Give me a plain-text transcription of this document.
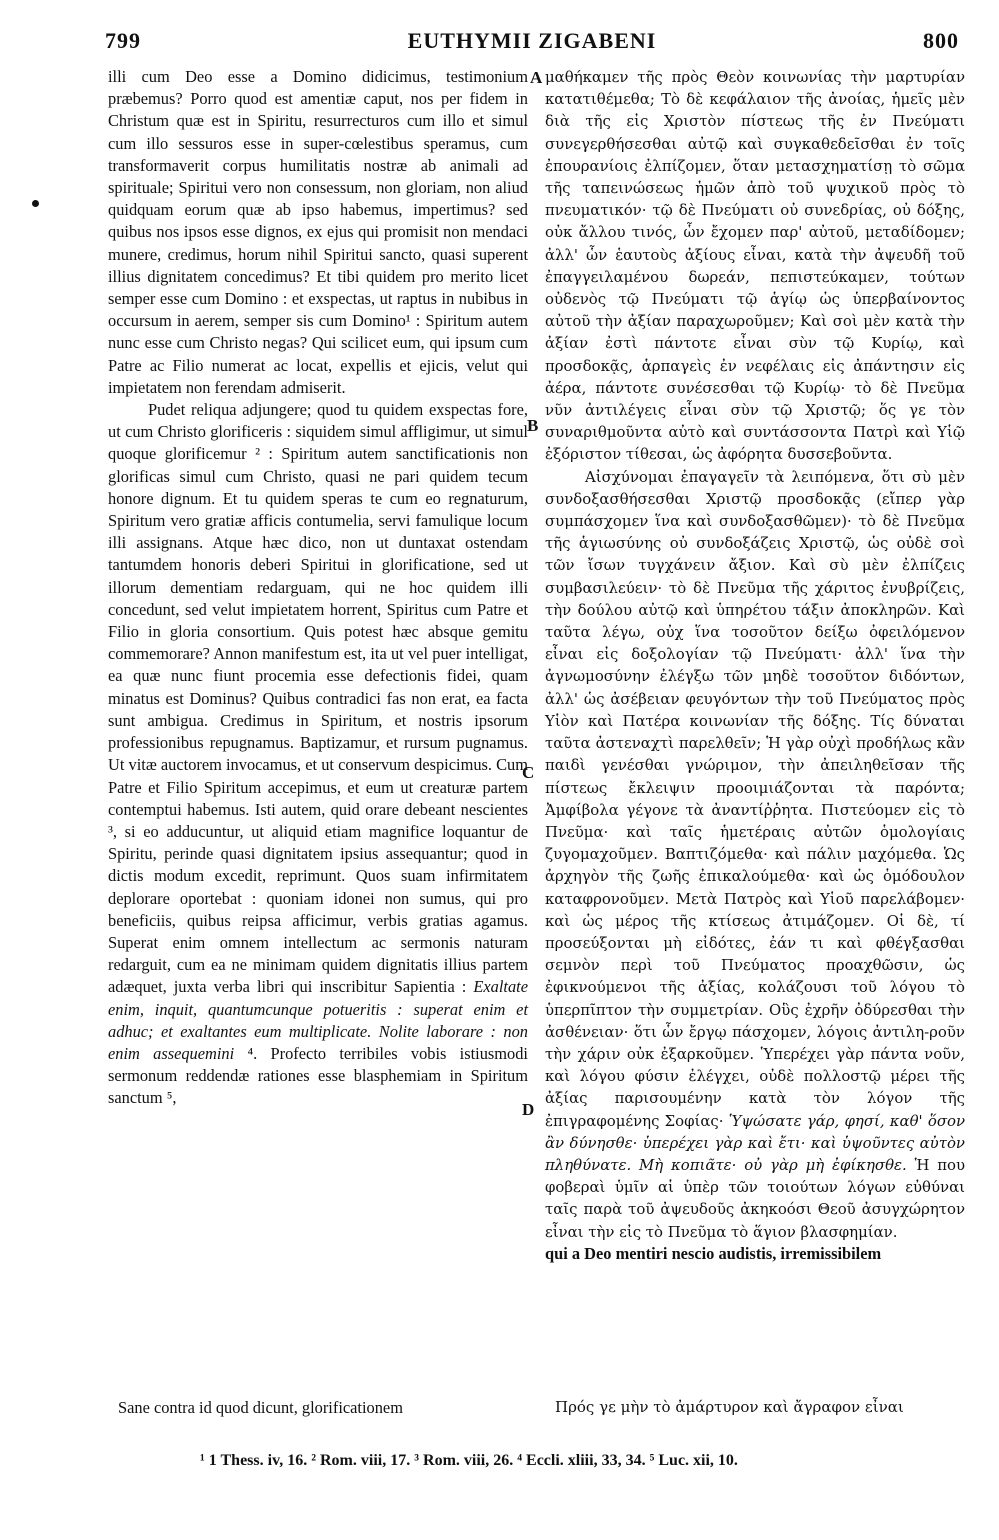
799	EUTHYMII ZIGABENI	800
A
B
C
D

illi cum Deo esse a Domino didicimus, testimonium præbemus? Porro quod est amentiæ caput, nos per fidem in Christum quæ est in Spiritu, resurrecturos cum illo et simul cum illo sessuros esse in super-cœlestibus speramus, cum transformaverit corpus humilitatis nostræ ab animali ad spirituale; Spiritui vero non consessum, non gloriam, non aliud quidquam eorum quæ ab ipso habemus, impertimus? sed quibus nos ipsos esse dignos, ex ejus qui promisit non mendaci munere, credimus, horum nihil Spiritui sancto, quasi superent illius dignitatem concedimus? Et tibi quidem pro merito licet semper esse cum Domino : et exspectas, ut raptus in nubibus in occursum in aerem, semper sis cum Domino¹ : Spiritum autem nunc esse cum Christo negas? Qui scilicet eum, qui ipsum cum Patre ac Filio numerat ac locat, expellis et ejicis, velut qui impietatem non ferendam admiserit.

Pudet reliqua adjungere; quod tu quidem exspectas fore, ut cum Christo glorificeris : siquidem simul affligimur, ut simul quoque glorificemur ² : Spiritum autem sanctificationis non glorificas simul cum Christo, quasi ne pari quidem tecum honore dignum. Et tu quidem speras te cum eo regnaturum, Spiritum vero gratiæ afficis contumelia, servi famulique locum illi assignans. Atque hæc dico, non ut duntaxat ostendam tantumdem honoris deberi Spiritui in glorificatione, sed ut illorum dementiam redarguam, qui ne hoc quidem illi concedunt, sed velut impietatem horrent, Spiritus cum Patre et Filio in gloria consortium. Quis potest hæc absque gemitu commemorare? Annon manifestum est, ita ut vel puer intelligat, ea quæ nunc fiunt procemia esse defectionis fidei, quam minatus est Dominus? Quibus contradici fas non erat, ea facta sunt ambigua. Credimus in Spiritum, et nostris ipsorum professionibus repugnamus. Baptizamur, et rursum pugnamus. Ut vitæ auctorem invocamus, et ut conservum despicimus. Cum Patre et Filio Spiritum accepimus, et eum ut creaturæ partem contemptui habemus. Isti autem, quid orare debeant nescientes ³, si eo adducuntur, ut aliquid etiam magnifice loquantur de Spiritu, perinde quasi dignitatem ipsius assequantur; quod in dictis modum excedit, reprimunt. Quos suam infirmitatem deplorare oportebat : quoniam idonei non sumus, qui pro beneficiis, quibus reipsa afficimur, verbis gratias agamus. Superat enim omnem intellectum ac sermonis naturam redarguit, cum ea ne minimam quidem dignitatis illius partem adæquet, juxta verba libri qui inscribitur Sapientia : Exaltate enim, inquit, quantumcunque potueritis : superat enim et adhuc; et exaltantes eum multiplicate. Nolite laborare : non enim assequemini ⁴. Profecto terribiles vobis istiusmodi sermonum reddendæ rationes esse blasphemiam in Spiritum sanctum ⁵,

μαθήκαμεν τῆς πρὸς Θεὸν κοινωνίας τὴν μαρτυρίαν κατατιθέμεθα; Τὸ δὲ κεφάλαιον τῆς ἀνοίας, ἡμεῖς μὲν διὰ τῆς εἰς Χριστὸν πίστεως τῆς ἐν Πνεύματι συνεγερθήσεσθαι αὐτῷ καὶ συγκαθεδεῖσθαι ἐν τοῖς ἐπουρανίοις ἐλπίζομεν, ὅταν μετασχηματίσῃ τὸ σῶμα τῆς ταπεινώσεως ἡμῶν ἀπὸ τοῦ ψυχικοῦ πρὸς τὸ πνευματικόν· τῷ δὲ Πνεύματι οὐ συνεδρίας, οὐ δόξης, οὐκ ἄλλου τινός, ὧν ἔχομεν παρ' αὐτοῦ, μεταδίδομεν; ἀλλ' ὧν ἑαυτοὺς ἀξίους εἶναι, κατὰ τὴν ἀψευδῆ τοῦ ἐπαγγειλαμένου δωρεάν, πεπιστεύκαμεν, τούτων οὐδενὸς τῷ Πνεύματι τῷ ἁγίῳ ὡς ὑπερβαίνοντος αὐτοῦ τὴν ἀξίαν παραχωροῦμεν; Καὶ σοὶ μὲν κατὰ τὴν ἀξίαν ἐστὶ πάντοτε εἶναι σὺν τῷ Κυρίῳ, καὶ προσδοκᾷς, ἁρπαγεὶς ἐν νεφέλαις εἰς ἀπάντησιν εἰς ἀέρα, πάντοτε συνέσεσθαι τῷ Κυρίῳ· τὸ δὲ Πνεῦμα νῦν ἀντιλέγεις εἶναι σὺν τῷ Χριστῷ; ὅς γε τὸν συναριθμοῦντα αὐτὸ καὶ συντάσσοντα Πατρὶ καὶ Υἱῷ ἐξόριστον τίθεσαι, ὡς ἀφόρητα δυσσεβοῦντα.

Αἰσχύνομαι ἐπαγαγεῖν τὰ λειπόμενα, ὅτι σὺ μὲν συνδοξασθήσεσθαι Χριστῷ προσδοκᾷς (εἴπερ γὰρ συμπάσχομεν ἵνα καὶ συνδοξασθῶμεν)· τὸ δὲ Πνεῦμα τῆς ἁγιωσύνης οὐ συνδοξάζεις Χριστῷ, ὡς οὐδὲ σοὶ τῶν ἴσων τυγχάνειν ἄξιον. Καὶ σὺ μὲν ἐλπίζεις συμβασιλεύειν· τὸ δὲ Πνεῦμα τῆς χάριτος ἐνυβρίζεις, τὴν δούλου αὐτῷ καὶ ὑπηρέτου τάξιν ἀποκληρῶν. Καὶ ταῦτα λέγω, οὐχ ἵνα τοσοῦτον δείξω ὀφειλόμενον εἶναι εἰς δοξολογίαν τῷ Πνεύματι· ἀλλ' ἵνα τὴν ἀγνωμοσύνην ἐλέγξω τῶν μηδὲ τοσοῦτον διδόντων, ἀλλ' ὡς ἀσέβειαν φευγόντων τὴν τοῦ Πνεύματος πρὸς Υἱὸν καὶ Πατέρα κοινωνίαν τῆς δόξης. Τίς δύναται ταῦτα ἀστεναχτὶ παρελθεῖν; Ἡ γὰρ οὐχὶ προδήλως κἂν παιδὶ γενέσθαι γνώριμον, τὴν ἀπειληθεῖσαν τῆς πίστεως ἔκλειψιν προοιμιάζονται τὰ παρόντα; Ἀμφίβολα γέγονε τὰ ἀναντίῤῥητα. Πιστεύομεν εἰς τὸ Πνεῦμα· καὶ ταῖς ἡμετέραις αὐτῶν ὁμολογίαις ζυγομαχοῦμεν. Βαπτιζόμεθα· καὶ πάλιν μαχόμεθα. Ὡς ἀρχηγὸν τῆς ζωῆς ἐπικαλούμεθα· καὶ ὡς ὁμόδουλον καταφρονοῦμεν. Μετὰ Πατρὸς καὶ Υἱοῦ παρελάβομεν· καὶ ὡς μέρος τῆς κτίσεως ἀτιμάζομεν. Οἱ δὲ, τί προσεύξονται μὴ εἰδότες, ἐάν τι καὶ φθέγξασθαι σεμνὸν περὶ τοῦ Πνεύματος προαχθῶσιν, ὡς ἐφικνούμενοι τῆς ἀξίας, κολάζουσι τοῦ λόγου τὸ ὑπερπῖπτον τὴν συμμετρίαν. Οὓς ἐχρῆν ὀδύρεσθαι τὴν ἀσθένειαν· ὅτι ὧν ἔργῳ πάσχομεν, λόγοις ἀντιλη-ροῦν τὴν χάριν οὐκ ἐξαρκοῦμεν. Ὑπερέχει γὰρ πάντα νοῦν, καὶ λόγου φύσιν ἐλέγχει, οὐδὲ πολλοστῷ μέρει τῆς ἀξίας παρισουμένην κατὰ τὸν λόγον τῆς ἐπιγραφομένης Σοφίας· Ὑψώσατε γάρ, φησί, καθ' ὅσον ἂν δύνησθε· ὑπερέχει γὰρ καὶ ἔτι· καὶ ὑψοῦντες αὐτὸν πληθύνατε. Μὴ κοπιᾶτε· οὐ γὰρ μὴ ἐφίκησθε. Ἡ που φοβεραὶ ὑμῖν αἱ ὑπὲρ τῶν τοιούτων λόγων εὐθύναι ταῖς παρὰ τοῦ ἀψευδοῦς ἀκηκοόσι Θεοῦ ἀσυγχώρητον εἶναι τὴν εἰς τὸ Πνεῦμα τὸ ἅγιον βλασφημίαν.

qui a Deo mentiri nescio audistis, irremissibilem

Sane contra id quod dicunt, glorificationem	Πρός γε μὴν τὸ ἀμάρτυρον καὶ ἄγραφον εἶναι
¹ 1 Thess. iv, 16. ² Rom. viii, 17. ³ Rom. viii, 26. ⁴ Eccli. xliii, 33, 34. ⁵ Luc. xii, 10.
